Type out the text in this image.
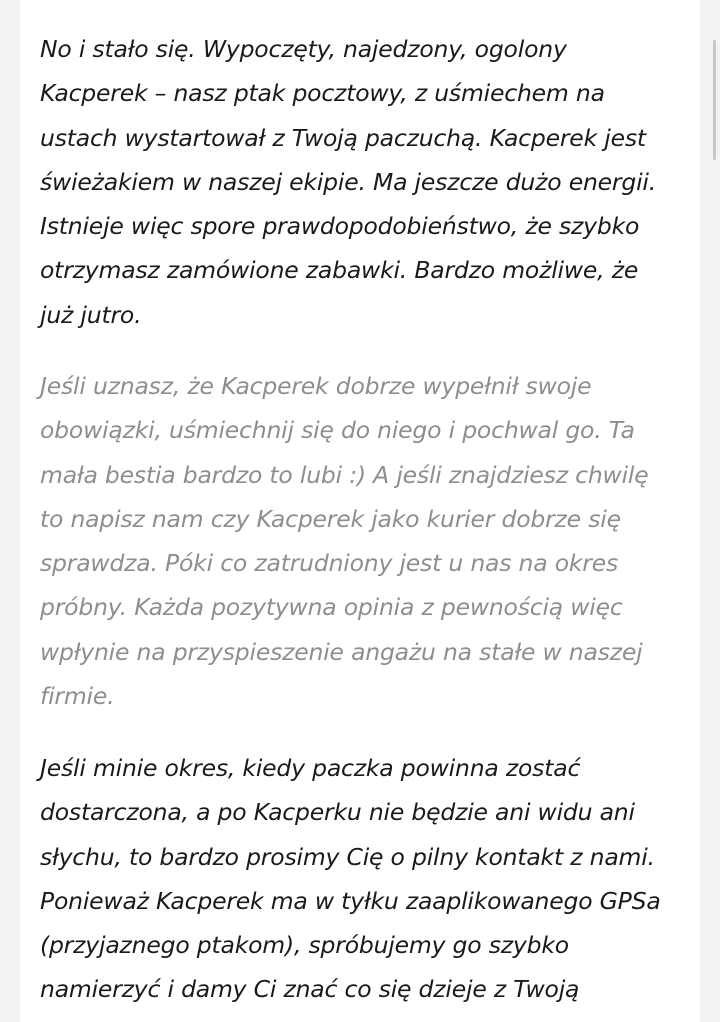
No i stało się. Wypoczęty, najedzony, ogolony
Kacperek – nasz ptak pocztowy, z uśmiechem na
ustach wystartował z Twoją paczuchą. Kacperek jest
świeżakiem w naszej ekipie. Ma jeszcze dużo energii.
Istnieje więc spore prawdopodobieństwo, że szybko
otrzymasz zamówione zabawki. Bardzo możliwe, że
już jutro.

Jeśli uznasz, że Kacperek dobrze wypełnił swoje
obowiązki, uśmiechnij się do niego i pochwal go. Ta
mała bestia bardzo to lubi :) A jeśli znajdziesz chwilę
to napisz nam czy Kacperek jako kurier dobrze się
sprawdza. Póki co zatrudniony jest u nas na okres
próbny. Każda pozytywna opinia z pewnością więc
wpłynie na przyspieszenie angażu na stałe w naszej
firmie.

Jeśli minie okres, kiedy paczka powinna zostać
dostarczona, a po Kacperku nie będzie ani widu ani
słychu, to bardzo prosimy Cię o pilny kontakt z nami.
Ponieważ Kacperek ma w tyłku zaaplikowanego GPSa
(przyjaznego ptakom), spróbujemy go szybko
namierzyć i damy Ci znać co się dzieje z Twoją
